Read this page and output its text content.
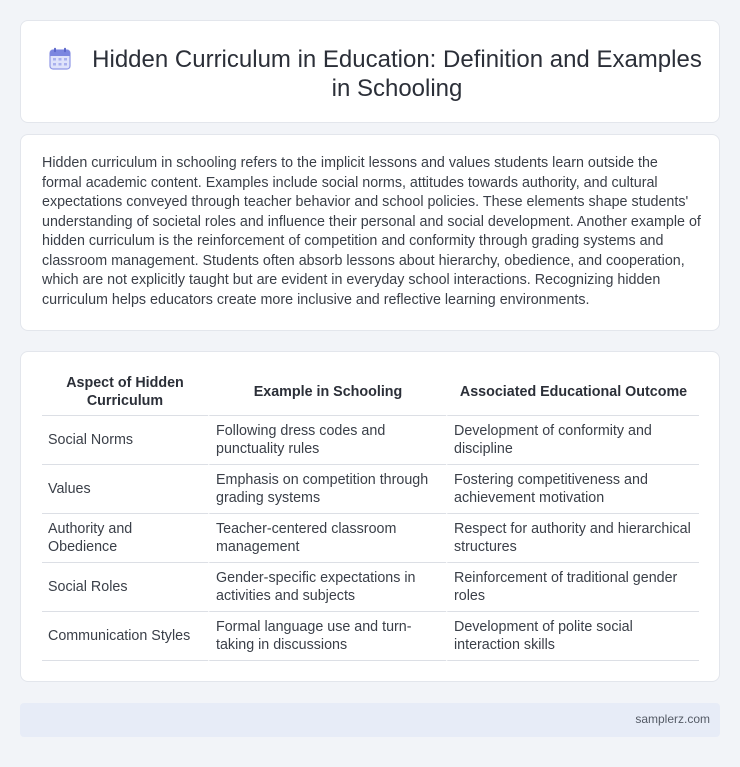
Hidden Curriculum in Education: Definition and Examples in Schooling

Hidden curriculum in schooling refers to the implicit lessons and values students learn outside the formal academic content. Examples include social norms, attitudes towards authority, and cultural expectations conveyed through teacher behavior and school policies. These elements shape students' understanding of societal roles and influence their personal and social development. Another example of hidden curriculum is the reinforcement of competition and conformity through grading systems and classroom management. Students often absorb lessons about hierarchy, obedience, and cooperation, which are not explicitly taught but are evident in everyday school interactions. Recognizing hidden curriculum helps educators create more inclusive and reflective learning environments.

Aspect of Hidden Curriculum	Example in Schooling	Associated Educational Outcome
Social Norms	Following dress codes and punctuality rules	Development of conformity and discipline
Values	Emphasis on competition through grading systems	Fostering competitiveness and achievement motivation
Authority and Obedience	Teacher-centered classroom management	Respect for authority and hierarchical structures
Social Roles	Gender-specific expectations in activities and subjects	Reinforcement of traditional gender roles
Communication Styles	Formal language use and turn-taking in discussions	Development of polite social interaction skills
samplerz.com
